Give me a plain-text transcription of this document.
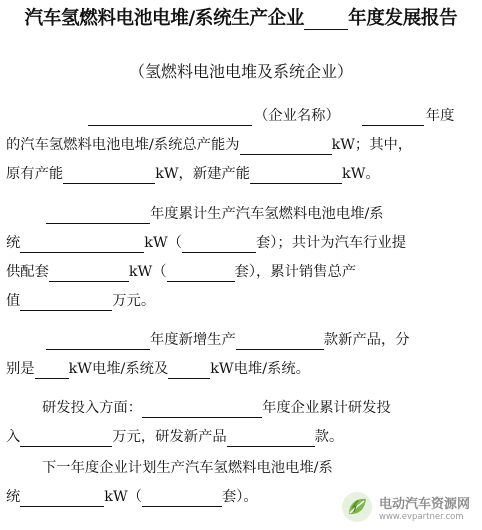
汽车氢燃料电池电堆/系统生产企业 年度发展报告
（氢燃料电池电堆及系统企业）
（企业名称）	年度
的汽车氢燃料电池电堆/系统总产能为	kW；其中，
原有产能	kW，新建产能	kW。
年度累计生产汽车氢燃料电池电堆/系
统	kW（	套）；共计为汽车行业提
供配套	kW（	套），累计销售总产
值	万元。
年度新增生产	款新产品，分
别是 kW电堆/系统及	kW电堆/系统。
研发投入方面：	年度企业累计研发投
入	万元，研发新产品	款。
下一年度企业计划生产汽车氢燃料电池电堆/系
统	kW（	套）。	电动汽车资源网
www.evpartner.com
